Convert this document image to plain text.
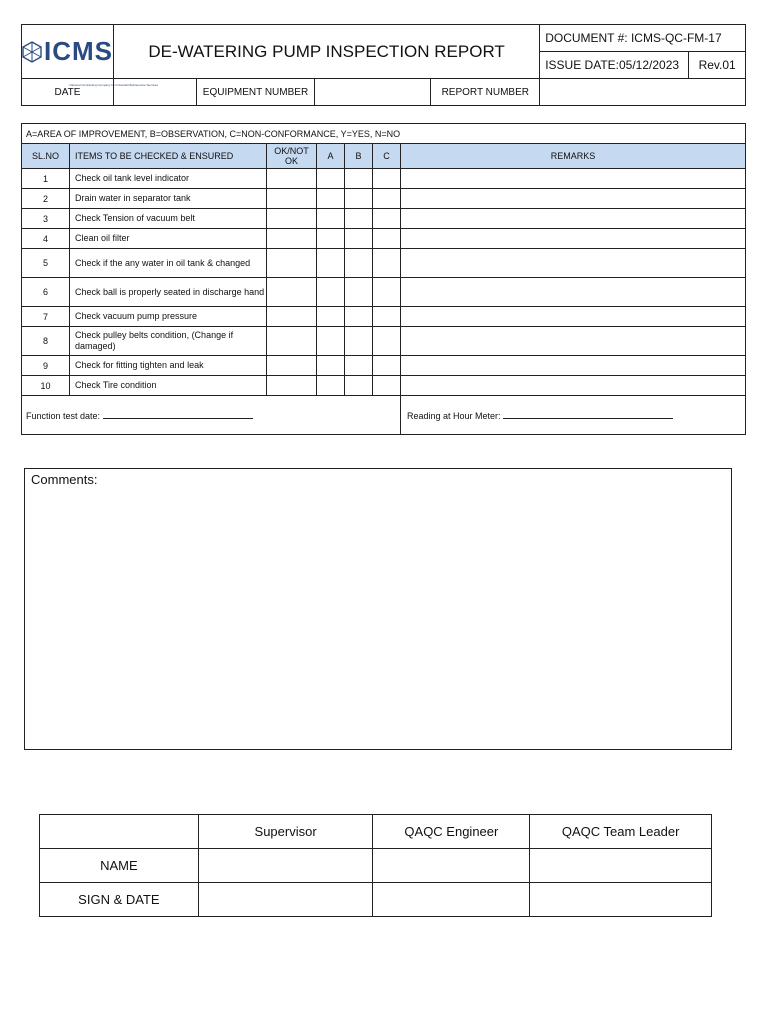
ICMS
National Contracting Company for Industrial Maintenance Services	DE-WATERING PUMP INSPECTION REPORT				DOCUMENT #: ICMS-QC-FM-17	
					ISSUE DATE:05/12/2023	Rev.01
DATE		EQUIPMENT NUMBER		REPORT NUMBER		
A=AREA OF IMPROVEMENT, B=OBSERVATION, C=NON-CONFORMANCE, Y=YES, N=NO						
SL.NO	ITEMS TO BE CHECKED & ENSURED	OK/NOT OK	A	B	C	REMARKS
1	Check oil tank level indicator					
2	Drain water in separator tank					
3	Check Tension of vacuum belt					
4	Clean oil filter					
5	Check if the any water in oil tank & changed					
6	Check ball is properly seated in discharge hand					
7	Check vacuum pump pressure					
8	Check pulley belts condition, (Change if damaged)					
9	Check for fitting tighten and leak					
10	Check Tire condition					
Function test date:						Reading at Hour Meter:
Comments:
	Supervisor	QAQC Engineer	QAQC Team Leader
NAME			
SIGN & DATE			
